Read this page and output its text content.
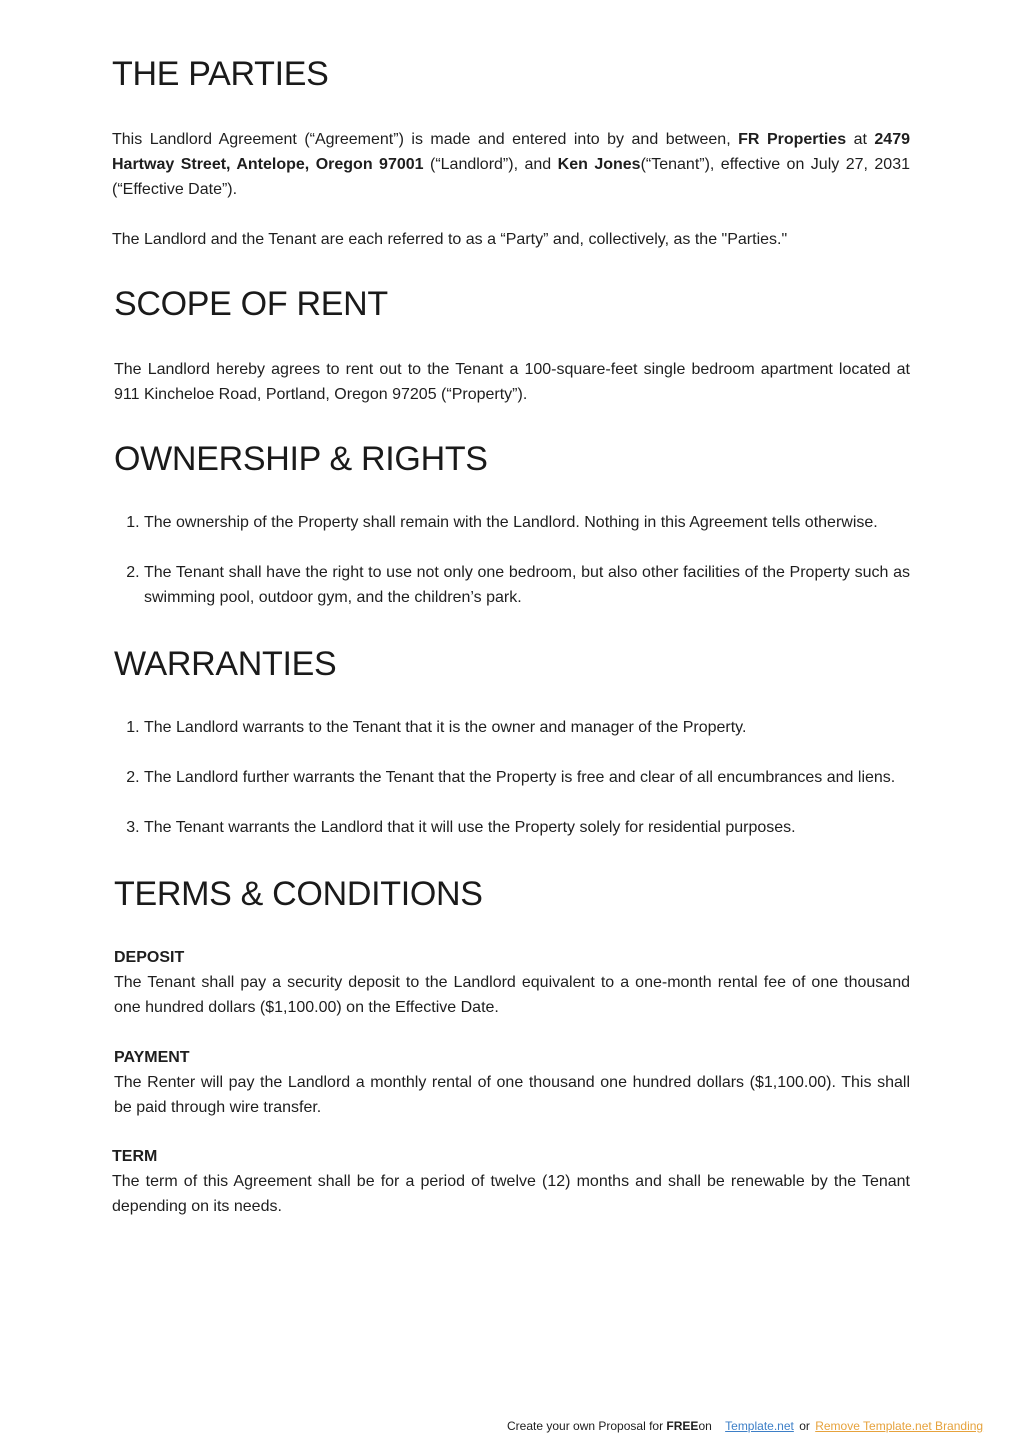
THE PARTIES

This Landlord Agreement (“Agreement”) is made and entered into by and between, FR Properties at 2479 Hartway Street, Antelope, Oregon 97001 (“Landlord”), and Ken Jones(“Tenant”), effective on July 27, 2031 (“Effective Date”).

The Landlord and the Tenant are each referred to as a “Party” and, collectively, as the "Parties."

SCOPE OF RENT

The Landlord hereby agrees to rent out to the Tenant a 100-square-feet single bedroom apartment located at 911 Kincheloe Road, Portland, Oregon 97205 (“Property”).

OWNERSHIP & RIGHTS
1. The ownership of the Property shall remain with the Landlord. Nothing in this Agreement tells otherwise.
2. The Tenant shall have the right to use not only one bedroom, but also other facilities of the Property such as swimming pool, outdoor gym, and the children’s park.
WARRANTIES
1. The Landlord warrants to the Tenant that it is the owner and manager of the Property.
2. The Landlord further warrants the Tenant that the Property is free and clear of all encumbrances and liens.
3. The Tenant warrants the Landlord that it will use the Property solely for residential purposes.
TERMS & CONDITIONS
DEPOSIT

The Tenant shall pay a security deposit to the Landlord equivalent to a one-month rental fee of one thousand one hundred dollars ($1,100.00) on the Effective Date.

PAYMENT

The Renter will pay the Landlord a monthly rental of one thousand one hundred dollars ($1,100.00). This shall be paid through wire transfer.

TERM

The term of this Agreement shall be for a period of twelve (12) months and shall be renewable by the Tenant depending on its needs.

Create your own Proposal for FREEon Template.net or Remove Template.net Branding
